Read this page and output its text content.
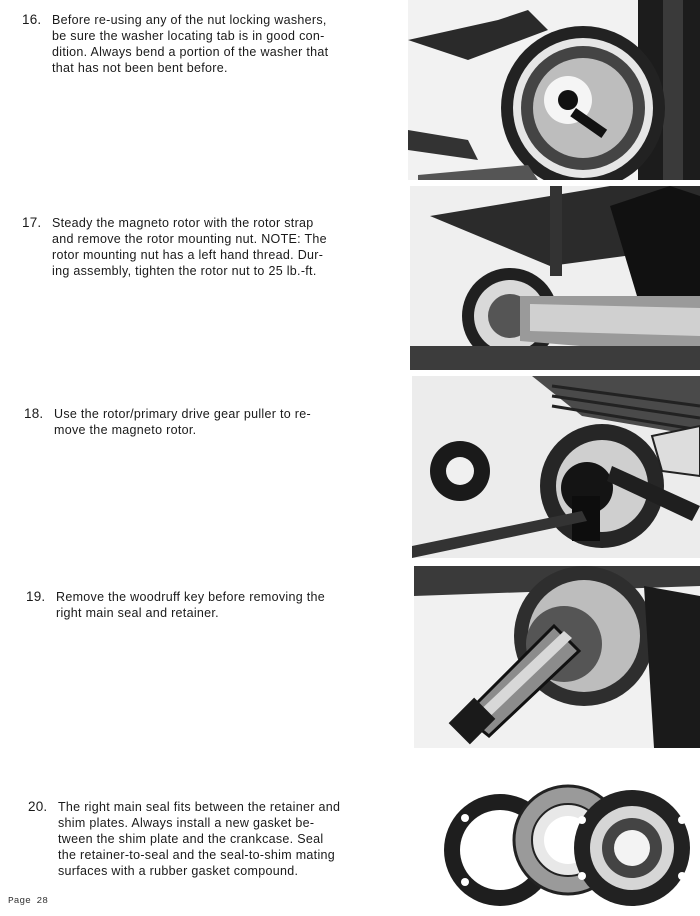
16. Before re-using any of the nut locking washers,
be sure the washer locating tab is in good con-
dition. Always bend a portion of the washer that
that has not been bent before.
17. Steady the magneto rotor with the rotor strap
and remove the rotor mounting nut. NOTE: The
rotor mounting nut has a left hand thread. Dur-
ing assembly, tighten the rotor nut to 25 lb.-ft.
18. Use the rotor/primary drive gear puller to re-
move the magneto rotor.
19. Remove the woodruff key before removing the
right main seal and retainer.
20. The right main seal fits between the retainer and
shim plates. Always install a new gasket be-
tween the shim plate and the crankcase. Seal
the retainer-to-seal and the seal-to-shim mating
surfaces with a rubber gasket compound.
Page 28
